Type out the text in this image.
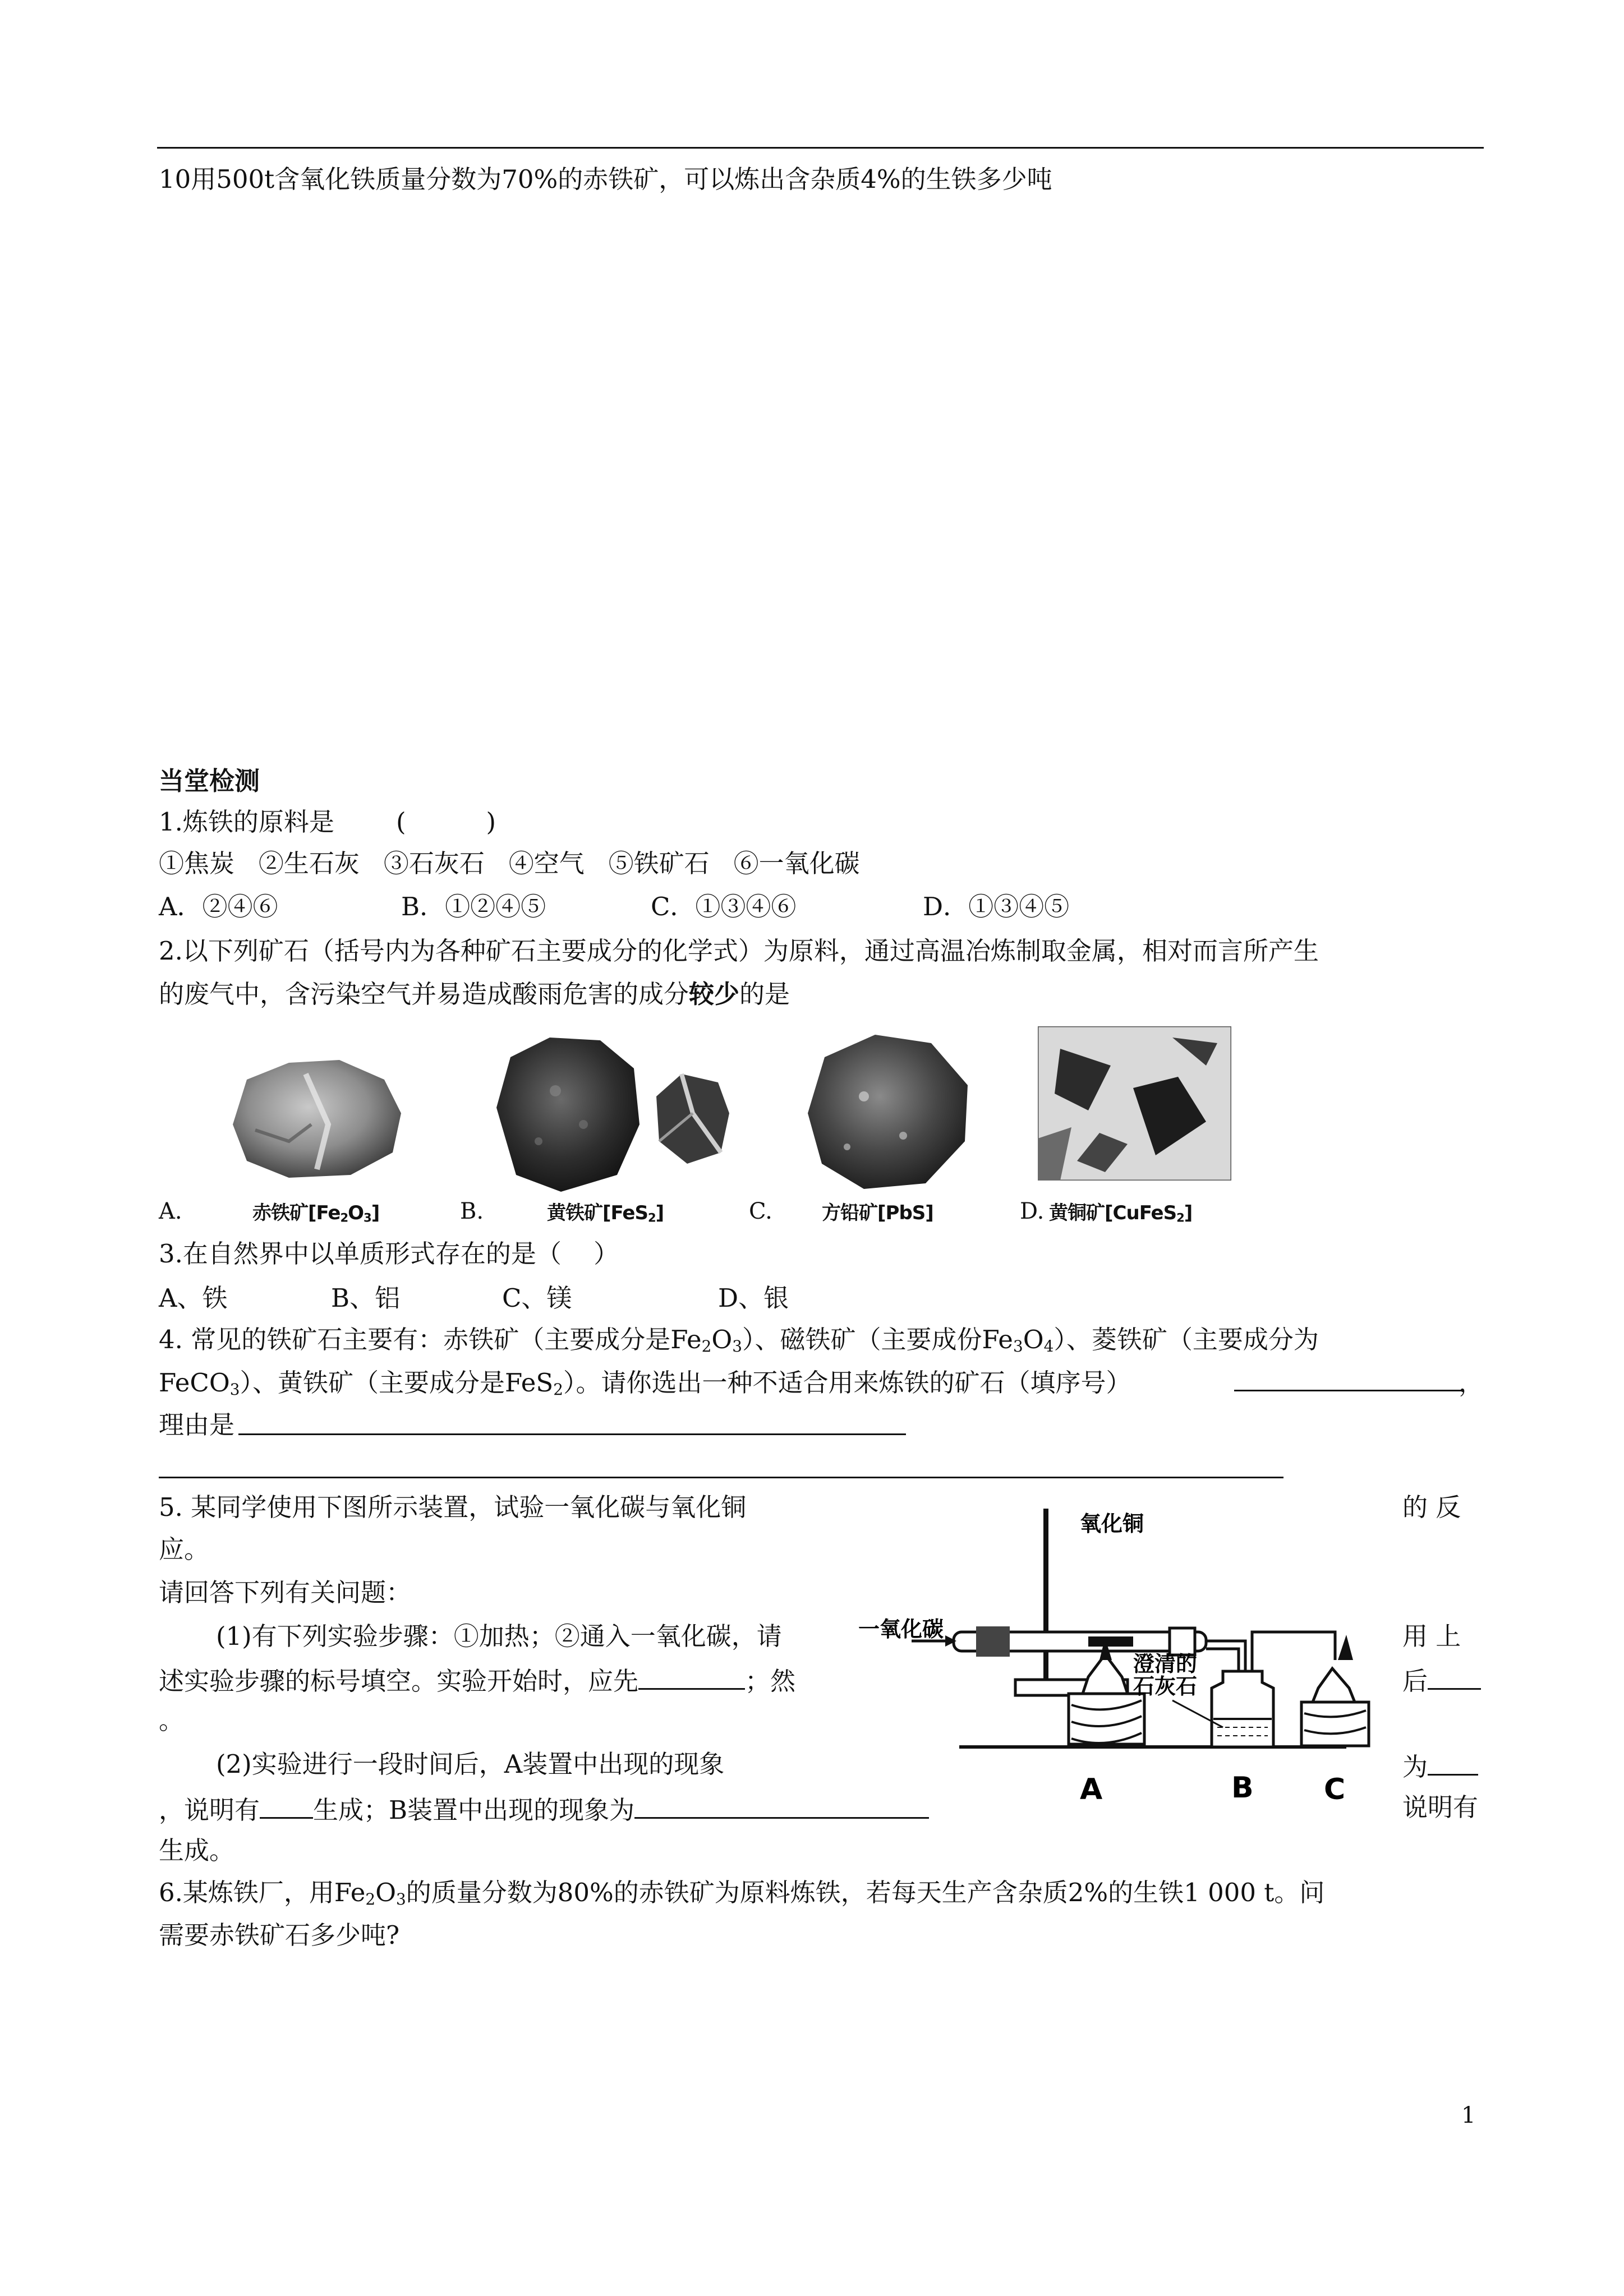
10用500t含氧化铁质量分数为70%的赤铁矿，可以炼出含杂质4%的生铁多少吨
当堂检测
1.炼铁的原料是 (          )
①焦炭   ②生石灰   ③石灰石   ④空气   ⑤铁矿石   ⑥一氧化碳
A．②④⑥	B．①②④⑤	C．①③④⑥	D．①③④⑤
2.以下列矿石（括号内为各种矿石主要成分的化学式）为原料，通过高温冶炼制取金属，相对而言所产生
的废气中，含污染空气并易造成酸雨危害的成分较少的是
A.	赤铁矿$[Fe_2O_3]$	B.	黄铁矿[FeS$_2$]	C.	方铅矿[PbS]	D. 黄铜矿[CuFeS$_2$]
3.在自然界中以单质形式存在的是（    ）
A、铁	B、铝	C、镁	D、银
4. 常见的铁矿石主要有：赤铁矿（主要成分是$Fe_2O_3$）、磁铁矿（主要成份$Fe_3O_4$）、菱铁矿（主要成分为
FeCO$_3$）、黄铁矿（主要成分是FeS$_2$）。请你选出一种不适合用来炼铁的矿石（填序号）	，
理由是
5. 某同学使用下图所示装置，试验一氧化碳与氧化铜	的 反
应。
请回答下列有关问题：
(1)有下列实验步骤：①加热；②通入一氧化碳，请	用 上
述实验步骤的标号填空。实验开始时，应先	；然	后
。
(2)实验进行一段时间后，A装置中出现的现象	为
，说明有 生成；B装置中出现的现象为	说明有
生成。
一氧化碳
氧化铜
澄清的
石灰石
A	B C
6.某炼铁厂，用$Fe_2O_3$的质量分数为80%的赤铁矿为原料炼铁，若每天生产含杂质2%的生铁1 000 t。问
需要赤铁矿石多少吨?
1
